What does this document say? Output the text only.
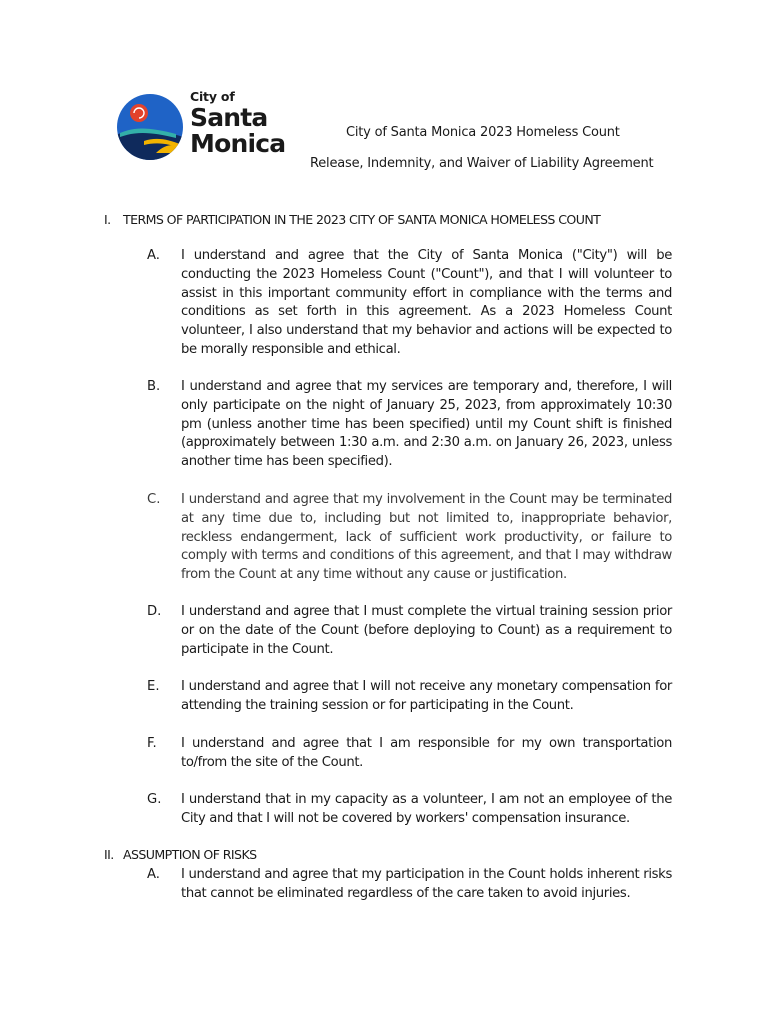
City of
Santa
Monica	City of Santa Monica 2023 Homeless Count
Release, Indemnity, and Waiver of Liability Agreement
I. TERMS OF PARTICIPATION IN THE 2023 CITY OF SANTA MONICA HOMELESS COUNT
A. I understand and agree that the City of Santa Monica ("City") will be conducting the 2023 Homeless Count ("Count"), and that I will volunteer to assist in this important community effort in compliance with the terms and conditions as set forth in this agreement. As a 2023 Homeless Count volunteer, I also understand that my behavior and actions will be expected to be morally responsible and ethical.
B. I understand and agree that my services are temporary and, therefore, I will only participate on the night of January 25, 2023, from approximately 10:30 pm (unless another time has been specified) until my Count shift is finished (approximately between 1:30 a.m. and 2:30 a.m. on January 26, 2023, unless another time has been specified).
C. I understand and agree that my involvement in the Count may be terminated at any time due to, including but not limited to, inappropriate behavior, reckless endangerment, lack of sufficient work productivity, or failure to comply with terms and conditions of this agreement, and that I may withdraw from the Count at any time without any cause or justification.
D. I understand and agree that I must complete the virtual training session prior or on the date of the Count (before deploying to Count) as a requirement to participate in the Count.
E. I understand and agree that I will not receive any monetary compensation for attending the training session or for participating in the Count.
F. I understand and agree that I am responsible for my own transportation to/from the site of the Count.
G. I understand that in my capacity as a volunteer, I am not an employee of the City and that I will not be covered by workers' compensation insurance.
II. ASSUMPTION OF RISKS
A. I understand and agree that my participation in the Count holds inherent risks that cannot be eliminated regardless of the care taken to avoid injuries.
